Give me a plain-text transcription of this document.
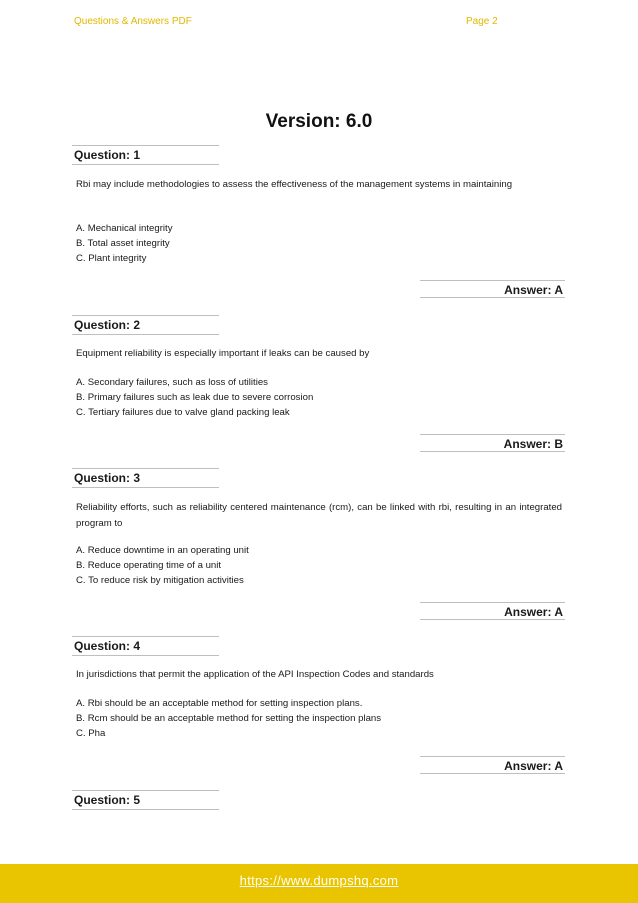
Questions & Answers PDF	Page 2
Version: 6.0
Question: 1
Rbi may include methodologies to assess the effectiveness of the management systems in maintaining
A. Mechanical integrity
B. Total asset integrity
C. Plant integrity
Answer: A
Question: 2
Equipment reliability is especially important if leaks can be caused by
A. Secondary failures, such as loss of utilities
B. Primary failures such as leak due to severe corrosion
C. Tertiary failures due to valve gland packing leak
Answer: B
Question: 3
Reliability efforts, such as reliability centered maintenance (rcm), can be linked with rbi, resulting in an integrated program to
A. Reduce downtime in an operating unit
B. Reduce operating time of a unit
C. To reduce risk by mitigation activities
Answer: A
Question: 4
In jurisdictions that permit the application of the API Inspection Codes and standards
A. Rbi should be an acceptable method for setting inspection plans.
B. Rcm should be an acceptable method for setting the inspection plans
C. Pha
Answer: A
Question: 5
https://www.dumpshq.com
